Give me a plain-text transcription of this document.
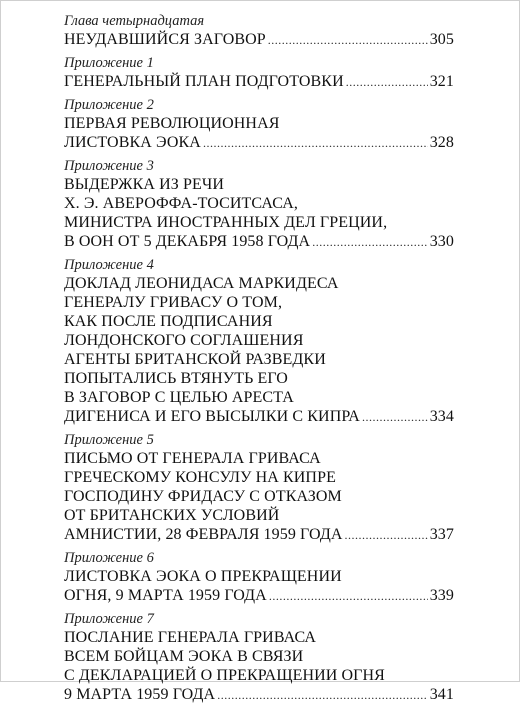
Глава четырнадцатая
НЕУДАВШИЙСЯ ЗАГОВОР .....	305
Приложение 1
ГЕНЕРАЛЬНЫЙ ПЛАН ПОДГОТОВКИ .....	321
Приложение 2
ПЕРВАЯ РЕВОЛЮЦИОННАЯ
ЛИСТОВКА ЭОКА .....	328
Приложение 3
ВЫДЕРЖКА ИЗ РЕЧИ
Х. Э. АВЕРОФФА-ТОСИТСАСА,
МИНИСТРА ИНОСТРАННЫХ ДЕЛ ГРЕЦИИ,
В ООН ОТ 5 ДЕКАБРЯ 1958 ГОДА .....	330
Приложение 4
ДОКЛАД ЛЕОНИДАСА МАРКИДЕСА
ГЕНЕРАЛУ ГРИВАСУ О ТОМ,
КАК ПОСЛЕ ПОДПИСАНИЯ
ЛОНДОНСКОГО СОГЛАШЕНИЯ
АГЕНТЫ БРИТАНСКОЙ РАЗВЕДКИ
ПОПЫТАЛИСЬ ВТЯНУТЬ ЕГО
В ЗАГОВОР С ЦЕЛЬЮ АРЕСТА
ДИГЕНИСА И ЕГО ВЫСЫЛКИ С КИПРА .....	334
Приложение 5
ПИСЬМО ОТ ГЕНЕРАЛА ГРИВАСА
ГРЕЧЕСКОМУ КОНСУЛУ НА КИПРЕ
ГОСПОДИНУ ФРИДАСУ С ОТКАЗОМ
ОТ БРИТАНСКИХ УСЛОВИЙ
АМНИСТИИ, 28 ФЕВРАЛЯ 1959 ГОДА .....	337
Приложение 6
ЛИСТОВКА ЭОКА О ПРЕКРАЩЕНИИ
ОГНЯ, 9 МАРТА 1959 ГОДА .....	339
Приложение 7
ПОСЛАНИЕ ГЕНЕРАЛА ГРИВАСА
ВСЕМ БОЙЦАМ ЭОКА В СВЯЗИ
С ДЕКЛАРАЦИЕЙ О ПРЕКРАЩЕНИИ ОГНЯ
9 МАРТА 1959 ГОДА .....	341
